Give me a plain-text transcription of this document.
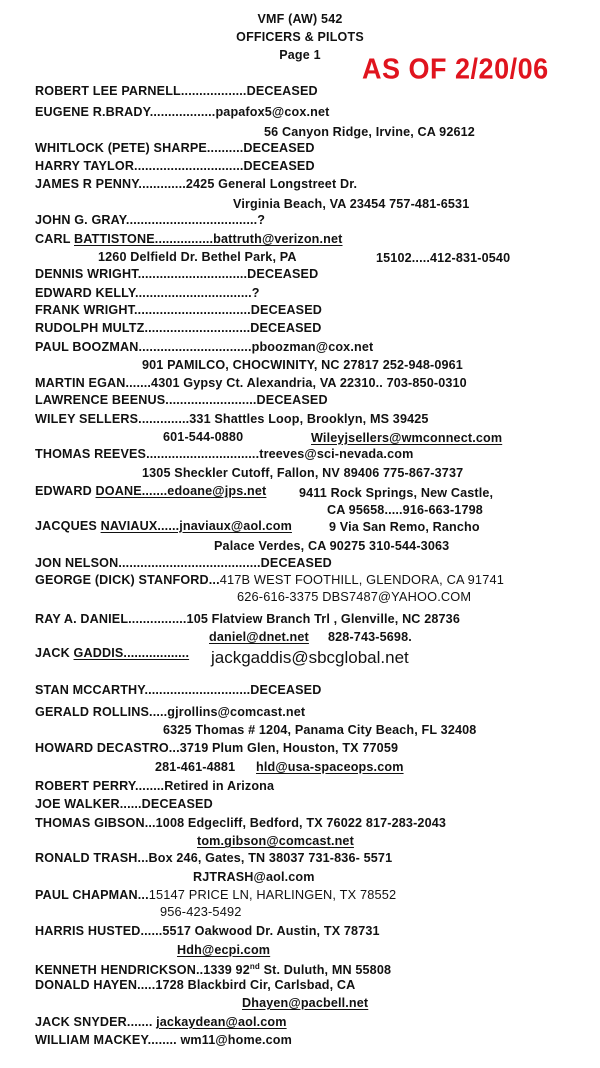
VMF (AW) 542
OFFICERS & PILOTS
Page 1	AS OF 2/20/06
ROBERT LEE PARNELL..................DECEASED
EUGENE R.BRADY..................papafox5@cox.net
56 Canyon Ridge, Irvine, CA 92612
WHITLOCK (PETE) SHARPE..........DECEASED
HARRY TAYLOR..............................DECEASED
JAMES R PENNY.............2425 General Longstreet Dr.
Virginia Beach, VA 23454 757-481-6531
JOHN G. GRAY....................................?
CARL BATTISTONE................battruth@verizon.net
1260 Delfield Dr. Bethel Park, PA	15102.....412-831-0540
DENNIS WRIGHT..............................DECEASED
EDWARD KELLY................................?
FRANK WRIGHT................................DECEASED
RUDOLPH MULTZ.............................DECEASED
PAUL BOOZMAN...............................pboozman@cox.net
901 PAMILCO, CHOCWINITY, NC 27817 252-948-0961
MARTIN EGAN.......4301 Gypsy Ct. Alexandria, VA 22310.. 703-850-0310
LAWRENCE BEENUS.........................DECEASED
WILEY SELLERS..............331 Shattles Loop, Brooklyn, MS 39425
601-544-0880	Wileyjsellers@wmconnect.com
THOMAS REEVES...............................treeves@sci-nevada.com
1305 Sheckler Cutoff, Fallon, NV 89406 775-867-3737
EDWARD DOANE.......edoane@jps.net	9411 Rock Springs, New Castle,
CA 95658.....916-663-1798
JACQUES NAVIAUX......jnaviaux@aol.com	9 Via San Remo, Rancho
Palace Verdes, CA 90275 310-544-3063
JON NELSON.......................................DECEASED
GEORGE (DICK) STANFORD...417B WEST FOOTHILL, GLENDORA, CA 91741
626-616-3375 DBS7487@YAHOO.COM
RAY A. DANIEL................105 Flatview Branch Trl , Glenville, NC 28736
daniel@dnet.net 828-743-5698.
JACK GADDIS.................. jackgaddis@sbcglobal.net
STAN MCCARTHY.............................DECEASED
GERALD ROLLINS.....gjrollins@comcast.net
6325 Thomas # 1204, Panama City Beach, FL 32408
HOWARD DECASTRO...3719 Plum Glen, Houston, TX 77059
281-461-4881 hld@usa-spaceops.com
ROBERT PERRY........Retired in Arizona
JOE WALKER......DECEASED
THOMAS GIBSON...1008 Edgecliff, Bedford, TX 76022 817-283-2043
tom.gibson@comcast.net
RONALD TRASH...Box 246, Gates, TN 38037 731-836- 5571
RJTRASH@aol.com
PAUL CHAPMAN...15147 PRICE LN, HARLINGEN, TX 78552
956-423-5492
HARRIS HUSTED......5517 Oakwood Dr. Austin, TX 78731
Hdh@ecpi.com
KENNETH HENDRICKSON..1339 92nd St. Duluth, MN 55808
DONALD HAYEN.....1728 Blackbird Cir, Carlsbad, CA
Dhayen@pacbell.net
JACK SNYDER....... jackaydean@aol.com
WILLIAM MACKEY........ wm11@home.com
